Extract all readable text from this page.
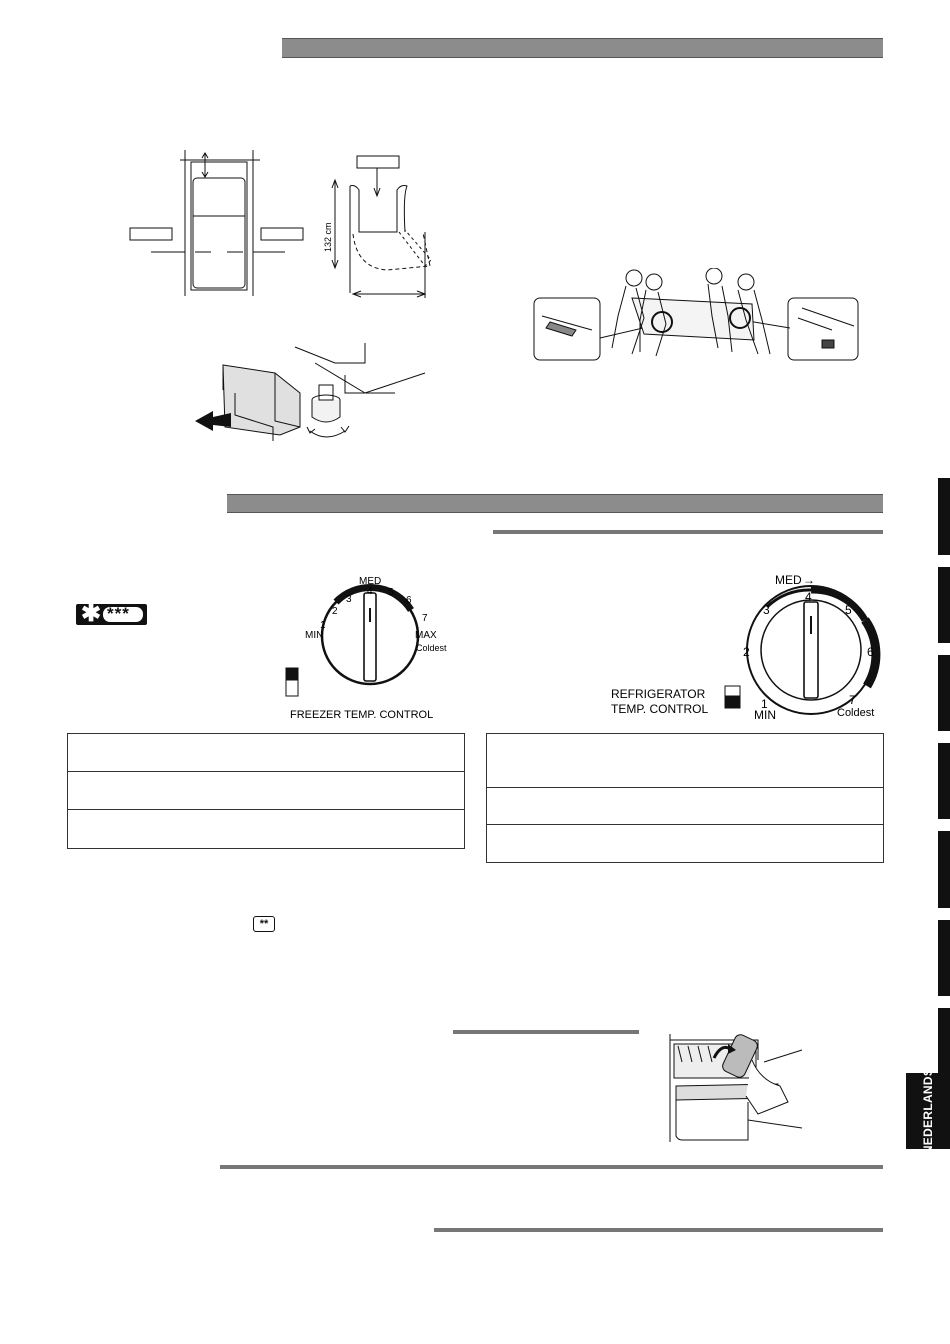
132 cm
✱ ***
1
2
3
4 5
6
7
MED
MIN	MAX
Coldest
FREEZER TEMP. CONTROL
1
2
3
4
5
6
7
MED →
MIN	Coldest
REFRIGERATOR
TEMP. CONTROL
**
NEDERLANDS
